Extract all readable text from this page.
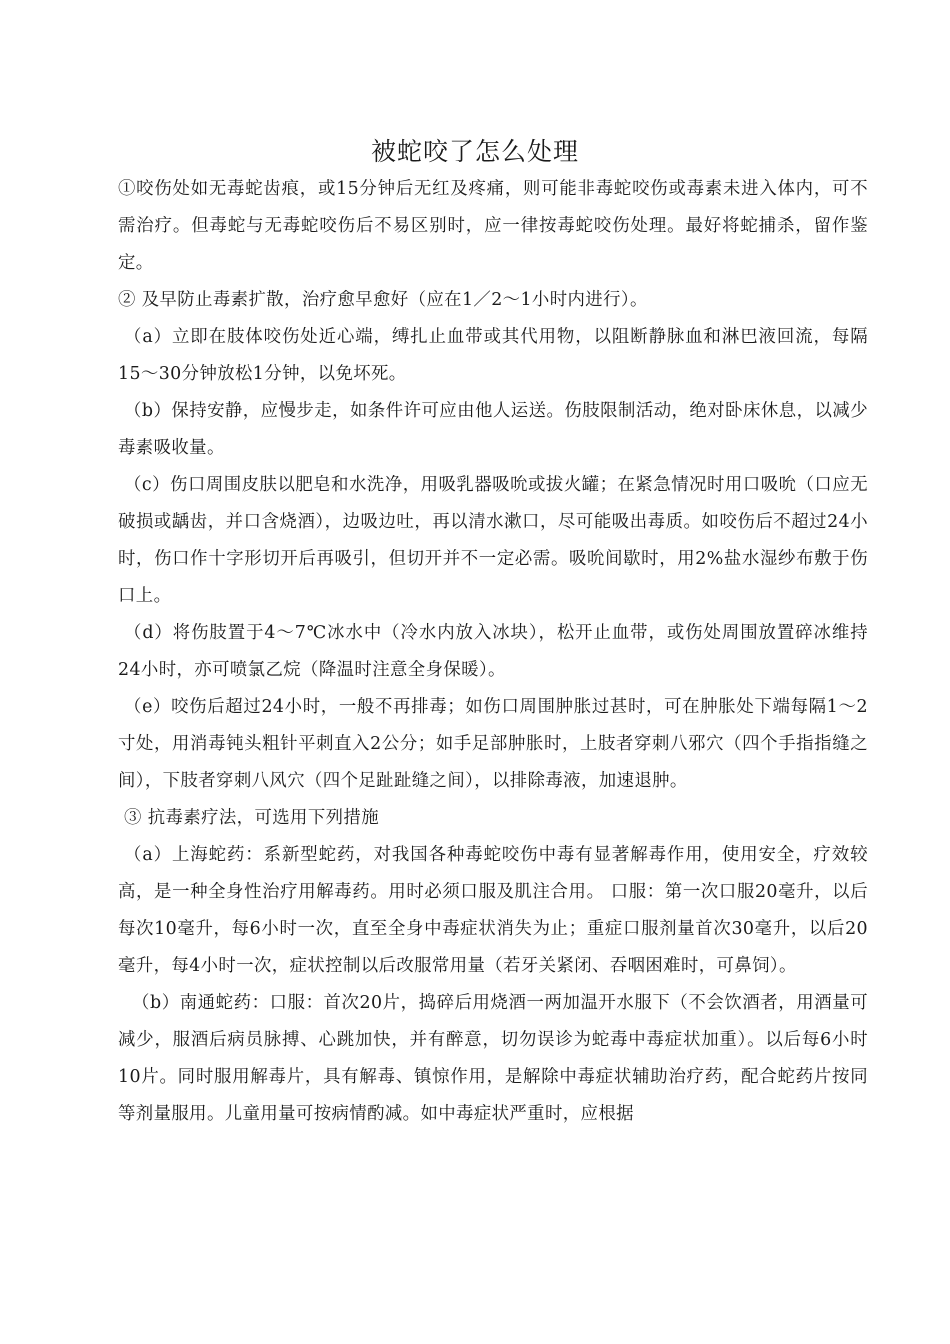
被蛇咬了怎么处理

①咬伤处如无毒蛇齿痕，或15分钟后无红及疼痛，则可能非毒蛇咬伤或毒素未进入体内，可不需治疗。但毒蛇与无毒蛇咬伤后不易区别时，应一律按毒蛇咬伤处理。最好将蛇捕杀，留作鉴定。

② 及早防止毒素扩散，治疗愈早愈好（应在1／2～1小时内进行）。

（a）立即在肢体咬伤处近心端，缚扎止血带或其代用物，以阻断静脉血和淋巴液回流，每隔15～30分钟放松1分钟，以免坏死。

（b）保持安静，应慢步走，如条件许可应由他人运送。伤肢限制活动，绝对卧床休息，以减少毒素吸收量。

（c）伤口周围皮肤以肥皂和水洗净，用吸乳器吸吮或拔火罐；在紧急情况时用口吸吮（口应无破损或龋齿，并口含烧酒），边吸边吐，再以清水漱口，尽可能吸出毒质。如咬伤后不超过24小时，伤口作十字形切开后再吸引，但切开并不一定必需。吸吮间歇时，用2%盐水湿纱布敷于伤口上。

（d）将伤肢置于4～7℃冰水中（冷水内放入冰块），松开止血带，或伤处周围放置碎冰维持24小时，亦可喷氯乙烷（降温时注意全身保暖）。

（e）咬伤后超过24小时，一般不再排毒；如伤口周围肿胀过甚时，可在肿胀处下端每隔1～2寸处，用消毒钝头粗针平刺直入2公分；如手足部肿胀时，上肢者穿刺八邪穴（四个手指指缝之间），下肢者穿刺八风穴（四个足趾趾缝之间），以排除毒液，加速退肿。

③ 抗毒素疗法，可选用下列措施

（a）上海蛇药：系新型蛇药，对我国各种毒蛇咬伤中毒有显著解毒作用，使用安全，疗效较高，是一种全身性治疗用解毒药。用时必须口服及肌注合用。 口服：第一次口服20毫升，以后每次10毫升，每6小时一次，直至全身中毒症状消失为止；重症口服剂量首次30毫升，以后20毫升，每4小时一次，症状控制以后改服常用量（若牙关紧闭、吞咽困难时，可鼻饲）。

（b）南通蛇药：口服：首次20片，捣碎后用烧酒一两加温开水服下（不会饮酒者，用酒量可减少，服酒后病员脉搏、心跳加快，并有醉意，切勿误诊为蛇毒中毒症状加重）。以后每6小时10片。同时服用解毒片，具有解毒、镇惊作用，是解除中毒症状辅助治疗药，配合蛇药片按同等剂量服用。儿童用量可按病情酌减。如中毒症状严重时，应根据
